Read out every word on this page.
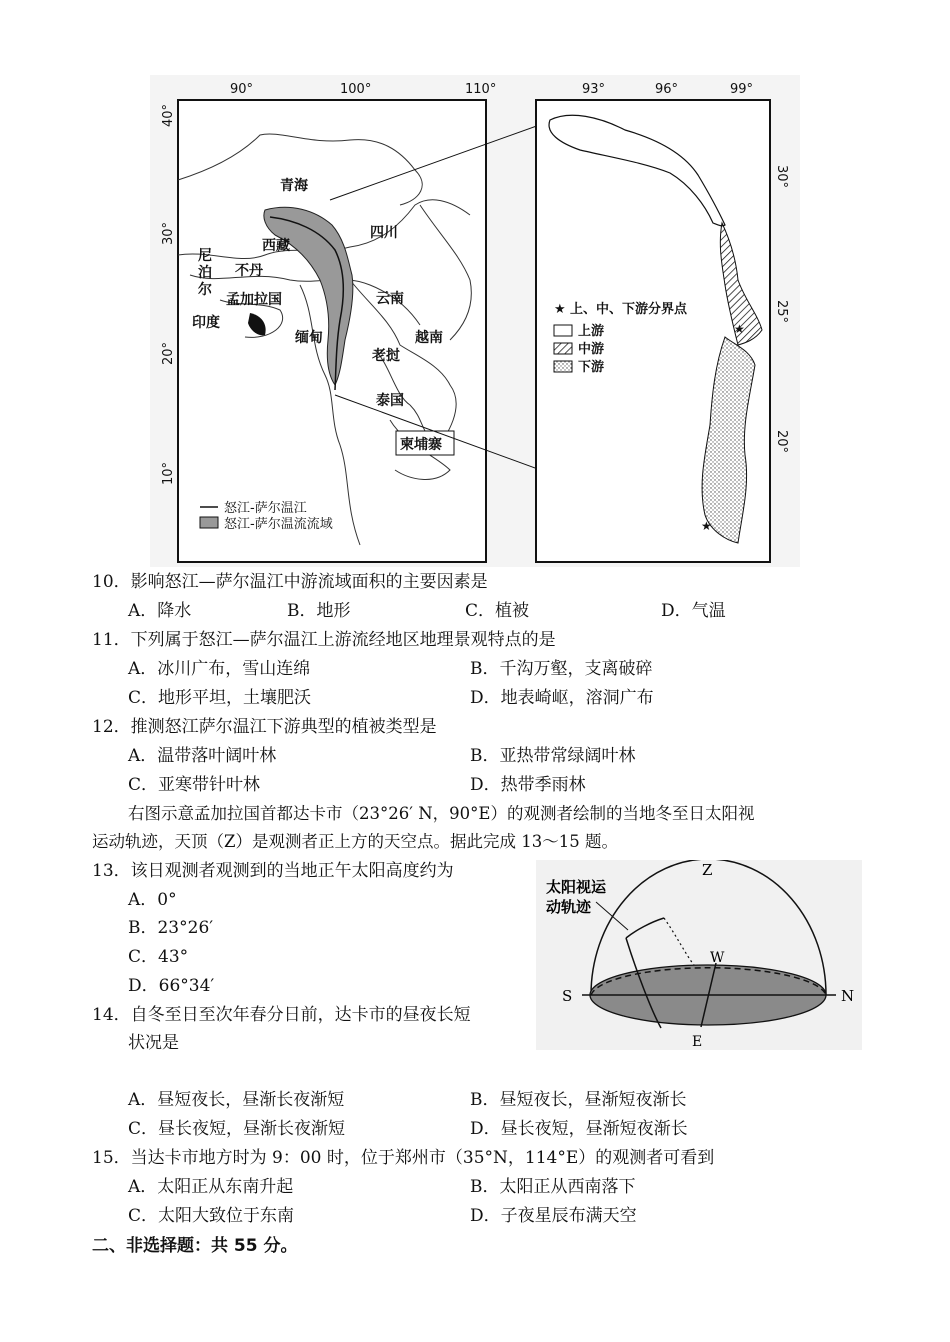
90°	100°	110°
40°
30°
20°
10°
青海
西藏
四川
尼
泊
尔
不丹
孟加拉国
印度
云南
缅甸	越南
老挝
泰国
柬埔寨
怒江-萨尔温江
怒江-萨尔温流流域
93°	96°	99°
30°
25°
20°
★
★
★ 上、中、下游分界点
上游
中游
下游
10．影响怒江—萨尔温江中游流域面积的主要因素是
A．降水	B．地形	C．植被	D．气温
11．下列属于怒江—萨尔温江上游流经地区地理景观特点的是
A．冰川广布，雪山连绵	B．千沟万壑，支离破碎
C．地形平坦，土壤肥沃	D．地表崎岖，溶洞广布
12．推测怒江萨尔温江下游典型的植被类型是
A．温带落叶阔叶林	B．亚热带常绿阔叶林
C．亚寒带针叶林	D．热带季雨林
右图示意孟加拉国首都达卡市（23°26′ N，90°E）的观测者绘制的当地冬至日太阳视
运动轨迹，天顶（Z）是观测者正上方的天空点。据此完成 13～15 题。
13．该日观测者观测到的当地正午太阳高度约为
A．0°
B．23°26′
C．43°
D．66°34′
14．自冬至日至次年春分日前，达卡市的昼夜长短
状况是
A．昼短夜长，昼渐长夜渐短	B．昼短夜长，昼渐短夜渐长
C．昼长夜短，昼渐长夜渐短	D．昼长夜短，昼渐短夜渐长
15．当达卡市地方时为 9：00 时，位于郑州市（35°N，114°E）的观测者可看到
A．太阳正从东南升起	B．太阳正从西南落下
C．太阳大致位于东南	D．子夜星辰布满天空
二、非选择题：共 55 分。
太阳视运
动轨迹
Z
W
S	N
E
